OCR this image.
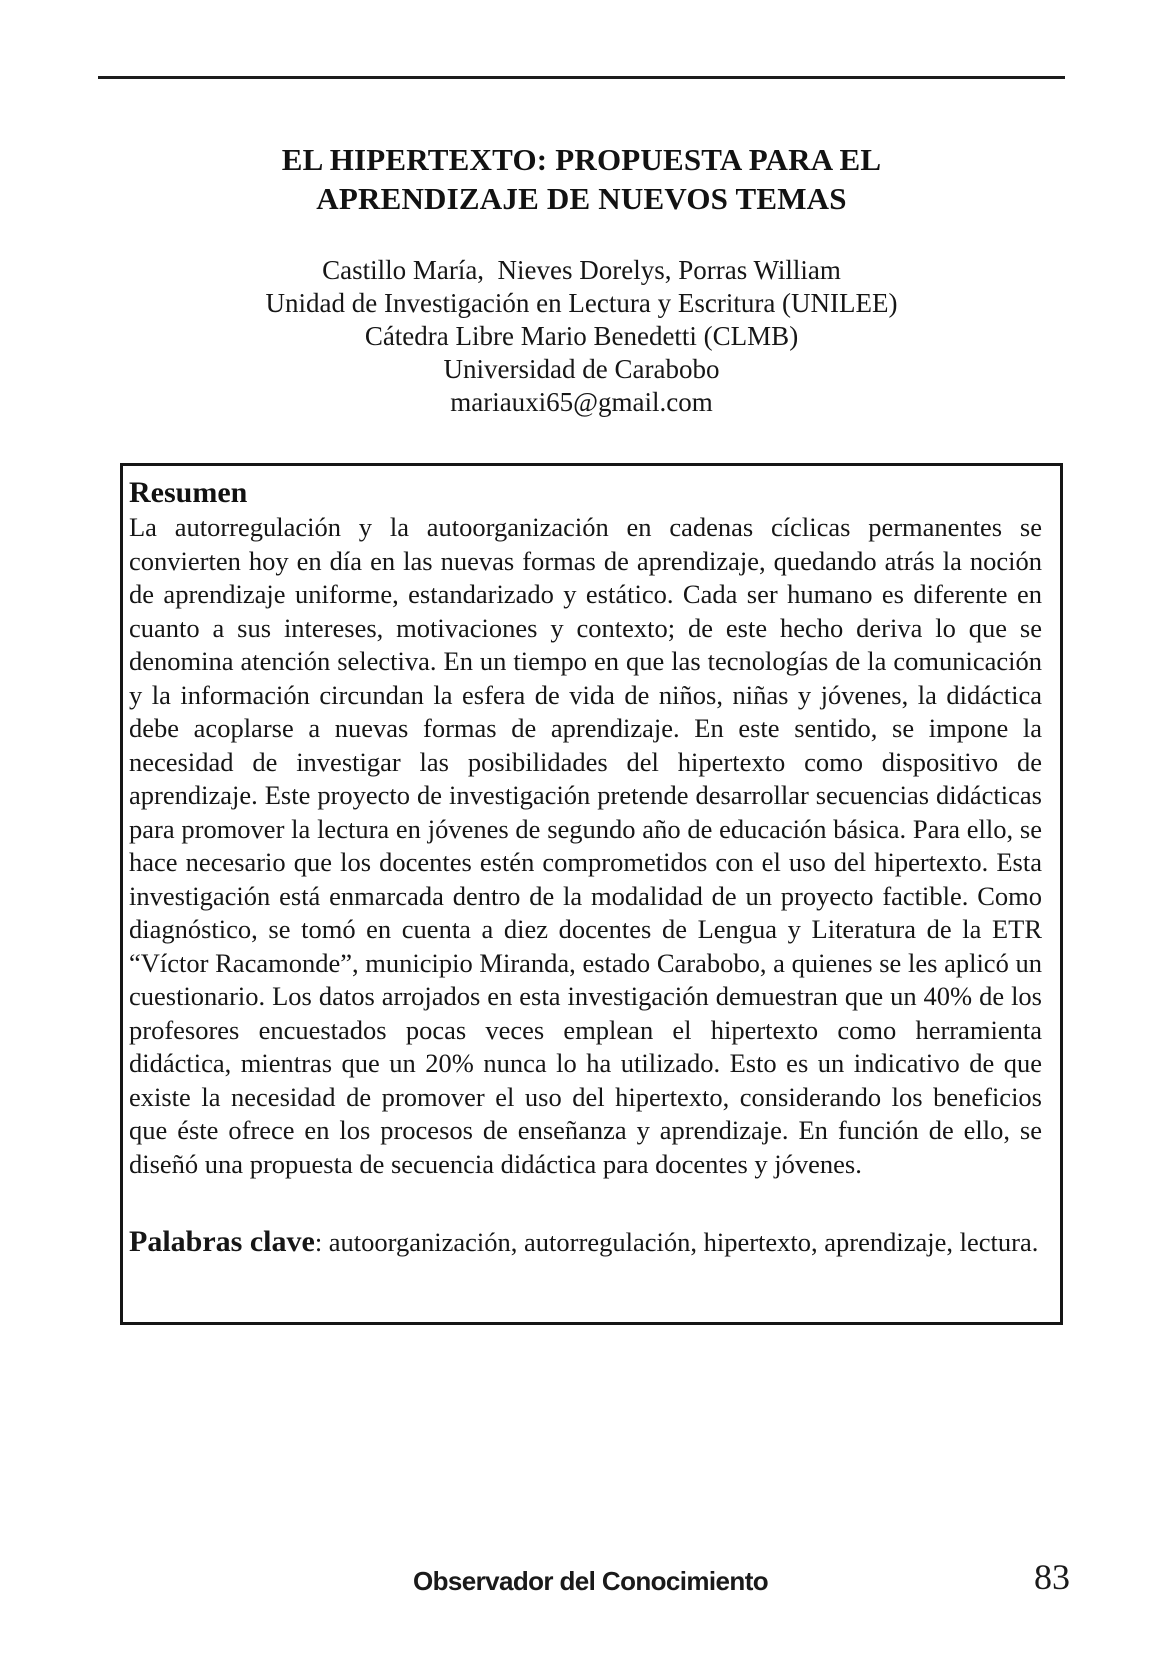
EL HIPERTEXTO: PROPUESTA PARA EL
APRENDIZAJE DE NUEVOS TEMAS
Castillo María,  Nieves Dorelys, Porras William
Unidad de Investigación en Lectura y Escritura (UNILEE)
Cátedra Libre Mario Benedetti (CLMB)
Universidad de Carabobo
mariauxi65@gmail.com
Resumen

La autorregulación y la autoorganización en cadenas cíclicas permanentes se convierten hoy en día en las nuevas formas de aprendizaje, quedando atrás la noción de aprendizaje uniforme, estandarizado y estático. Cada ser humano es diferente en cuanto a sus intereses, motivaciones y contexto; de este hecho deriva lo que se denomina atención selectiva. En un tiempo en que las tecnologías de la comunicación y la información circundan la esfera de vida de niños, niñas y jóvenes, la didáctica debe acoplarse a nuevas formas de aprendizaje. En este sentido, se impone la necesidad de investigar las posibilidades del hipertexto como dispositivo de aprendizaje. Este proyecto de investigación pretende desarrollar secuencias didácticas para promover la lectura en jóvenes de segundo año de educación básica. Para ello, se hace necesario que los docentes estén comprometidos con el uso del hipertexto. Esta investigación está enmarcada dentro de la modalidad de un proyecto factible. Como diagnóstico, se tomó en cuenta a diez docentes de Lengua y Literatura de la ETR “Víctor Racamonde”, municipio Miranda, estado Carabobo, a quienes se les aplicó un cuestionario. Los datos arrojados en esta investigación demuestran que un 40% de los profesores encuestados pocas veces emplean el hipertexto como herramienta didáctica, mientras que un 20% nunca lo ha utilizado. Esto es un indicativo de que existe la necesidad de promover el uso del hipertexto, considerando los beneficios que éste ofrece en los procesos de enseñanza y aprendizaje. En función de ello, se diseñó una propuesta de secuencia didáctica para docentes y jóvenes.

Palabras clave: autoorganización, autorregulación, hipertexto, aprendizaje, lectura.

Observador del Conocimiento	83
